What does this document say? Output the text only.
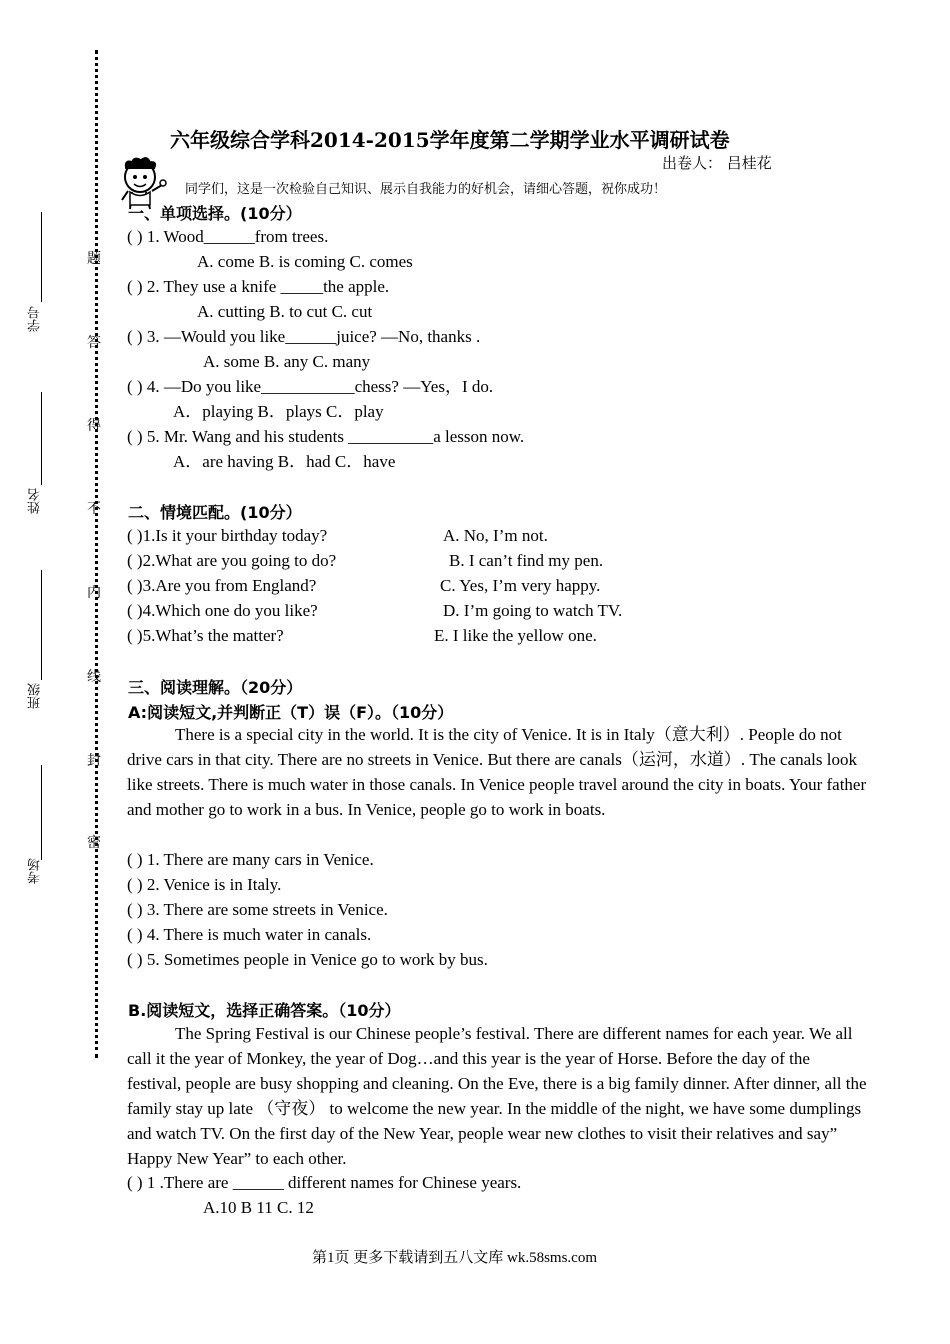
考场
班级
姓名
学号
题
答
得
不
内
线
封
密
六年级综合学科2014-2015学年度第二学期学业水平调研试卷
出卷人： 吕桂花
同学们，这是一次检验自己知识、展示自我能力的好机会，请细心答题，祝你成功！
一、单项选择。(10分）
( ) 1. Wood______from trees.
A. come B. is coming C. comes
( ) 2. They use a knife _____the apple.
A. cutting B. to cut C. cut
( ) 3. —Would you like______juice? —No, thanks .
A. some B. any C. many
( ) 4. —Do you like___________chess? —Yes，I do.
A．playing B．plays C．play
( ) 5. Mr. Wang and his students __________a lesson now.
A．are having B．had C．have
二、情境匹配。(10分）
( )1.Is it your birthday today?	A. No, I’m not.
( )2.What are you going to do?	B. I can’t find my pen.
( )3.Are you from England?	C. Yes, I’m very happy.
( )4.Which one do you like?	D. I’m going to watch TV.
( )5.What’s the matter?	E. I like the yellow one.
三、阅读理解。（20分）
A:阅读短文,并判断正（T）误（F）。（10分）
There is a special city in the world. It is the city of Venice. It is in Italy（意大利）. People do not drive cars in that city. There are no streets in Venice. But there are canals（运河，水道）. The canals look like streets. There is much water in those canals. In Venice people travel around the city in boats. Your father and mother go to work in a bus. In Venice, people go to work in boats.
( ) 1. There are many cars in Venice.
( ) 2. Venice is in Italy.
( ) 3. There are some streets in Venice.
( ) 4. There is much water in canals.
( ) 5. Sometimes people in Venice go to work by bus.
B.阅读短文，选择正确答案。（10分）
The Spring Festival is our Chinese people’s festival. There are different names for each year. We all call it the year of Monkey, the year of Dog…and this year is the year of Horse. Before the day of the festival, people are busy shopping and cleaning. On the Eve, there is a big family dinner. After dinner, all the family stay up late （守夜） to welcome the new year. In the middle of the night, we have some dumplings and watch TV. On the first day of the New Year, people wear new clothes to visit their relatives and say” Happy New Year” to each other.
( ) 1 .There are ______ different names for Chinese years.
A.10 B 11 C. 12
第1页 更多下载请到五八文库 wk.58sms.com
